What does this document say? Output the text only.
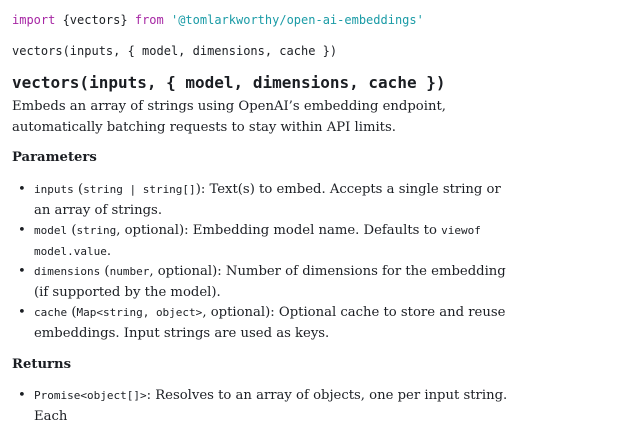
import {vectors} from '@tomlarkworthy/open-ai-embeddings'
vectors(inputs, { model, dimensions, cache })
vectors(inputs, { model, dimensions, cache })

Embeds an array of strings using OpenAI’s embedding endpoint, automatically batching requests to stay within API limits.

Parameters
• inputs (string | string[]): Text(s) to embed. Accepts a single string or an array of strings.
• model (string, optional): Embedding model name. Defaults to viewof model.value.
• dimensions (number, optional): Number of dimensions for the embedding (if supported by the model).
• cache (Map<string, object>, optional): Optional cache to store and reuse embeddings. Input strings are used as keys.
Returns
• Promise<object[]>: Resolves to an array of objects, one per input string. Each
